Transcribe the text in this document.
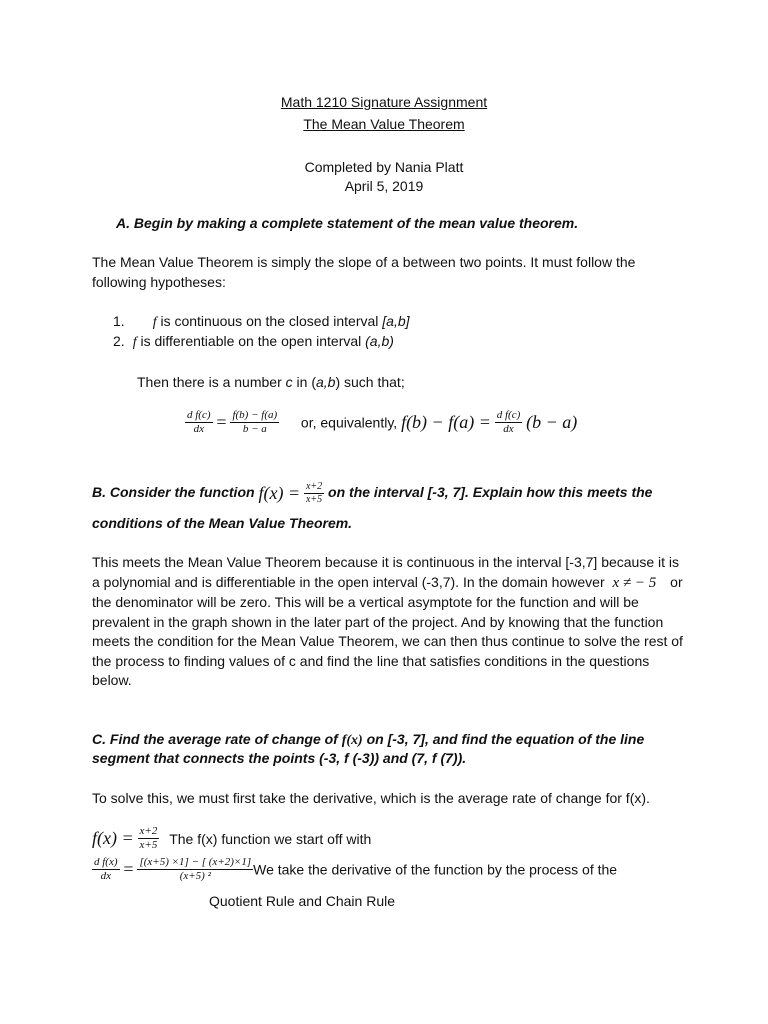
Math 1210 Signature Assignment
The Mean Value Theorem
Completed by Nania Platt
April 5, 2019
A. Begin by making a complete statement of the mean value theorem.
The Mean Value Theorem is simply the slope of a between two points. It must follow the
following hypotheses:
1. f is continuous on the closed interval [a,b]
2. f is differentiable on the open interval (a,b)
Then there is a number c in (a,b) such that;
$\frac{\text{d f(c)}}{dx} = \frac{f(b) - f(a)}{b - a}$ or, equivalently, $f(b) - f(a) = \frac{\text{d f(c)}}{dx} (b - a)$
B. Consider the function $f(x) = \frac{x+2}{x+5}$ on the interval [-3, 7]. Explain how this meets the
conditions of the Mean Value Theorem.
This meets the Mean Value Theorem because it is continuous in the interval [-3,7] because it is
a polynomial and is differentiable in the open interval (-3,7). In the domain however x ≠ − 5 or
the denominator will be zero. This will be a vertical asymptote for the function and will be
prevalent in the graph shown in the later part of the project. And by knowing that the function
meets the condition for the Mean Value Theorem, we can then thus continue to solve the rest of
the process to finding values of c and find the line that satisfies conditions in the questions
below.
C. Find the average rate of change of f(x) on [-3, 7], and find the equation of the line
segment that connects the points (-3, f (-3)) and (7, f (7)).
To solve this, we must first take the derivative, which is the average rate of change for f(x).
$f(x) = \frac{x+2}{x+5}$ The f(x) function we start off with
$\frac{\text{d f(x)}}{dx} = \frac{[(x+5) \times 1] - [ (x+2)\times 1]}{\text{(x+5) ²}}$ We take the derivative of the function by the process of the
Quotient Rule and Chain Rule
